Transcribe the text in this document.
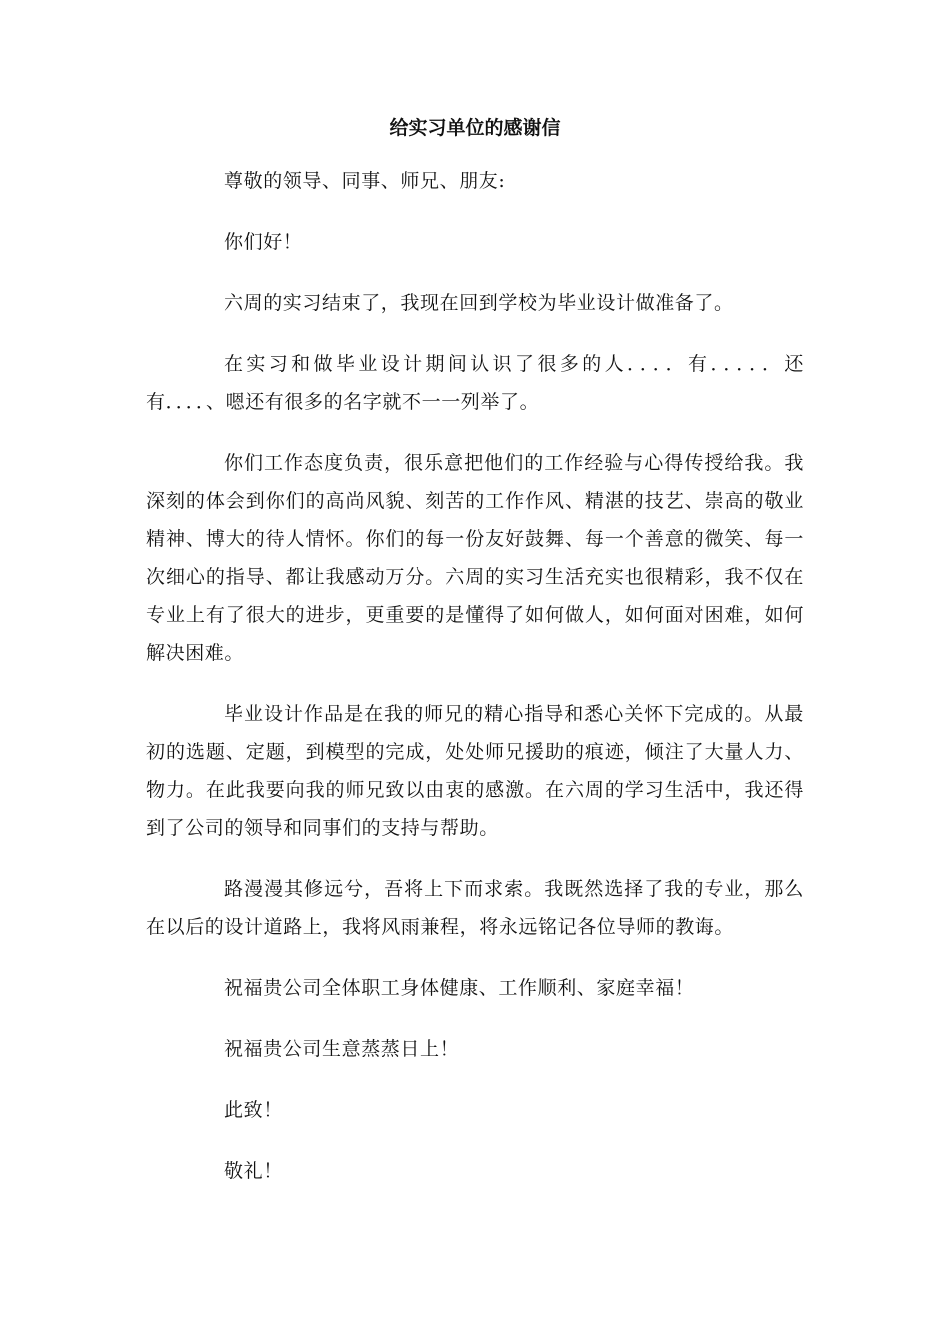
给实习单位的感谢信

尊敬的领导、同事、师兄、朋友:

你们好！

六周的实习结束了，我现在回到学校为毕业设计做准备了。

在实习和做毕业设计期间认识了很多的人．．．．有．．．．．还有．．．．、嗯还有很多的名字就不一一列举了。

你们工作态度负责，很乐意把他们的工作经验与心得传授给我。我深刻的体会到你们的高尚风貌、刻苦的工作作风、精湛的技艺、崇高的敬业精神、博大的待人情怀。你们的每一份友好鼓舞、每一个善意的微笑、每一次细心的指导、都让我感动万分。六周的实习生活充实也很精彩，我不仅在专业上有了很大的进步，更重要的是懂得了如何做人，如何面对困难，如何解决困难。

毕业设计作品是在我的师兄的精心指导和悉心关怀下完成的。从最初的选题、定题，到模型的完成，处处师兄援助的痕迹，倾注了大量人力、物力。在此我要向我的师兄致以由衷的感激。在六周的学习生活中，我还得到了公司的领导和同事们的支持与帮助。

路漫漫其修远兮，吾将上下而求索。我既然选择了我的专业，那么在以后的设计道路上，我将风雨兼程，将永远铭记各位导师的教诲。

祝福贵公司全体职工身体健康、工作顺利、家庭幸福！

祝福贵公司生意蒸蒸日上！

此致！

敬礼！
